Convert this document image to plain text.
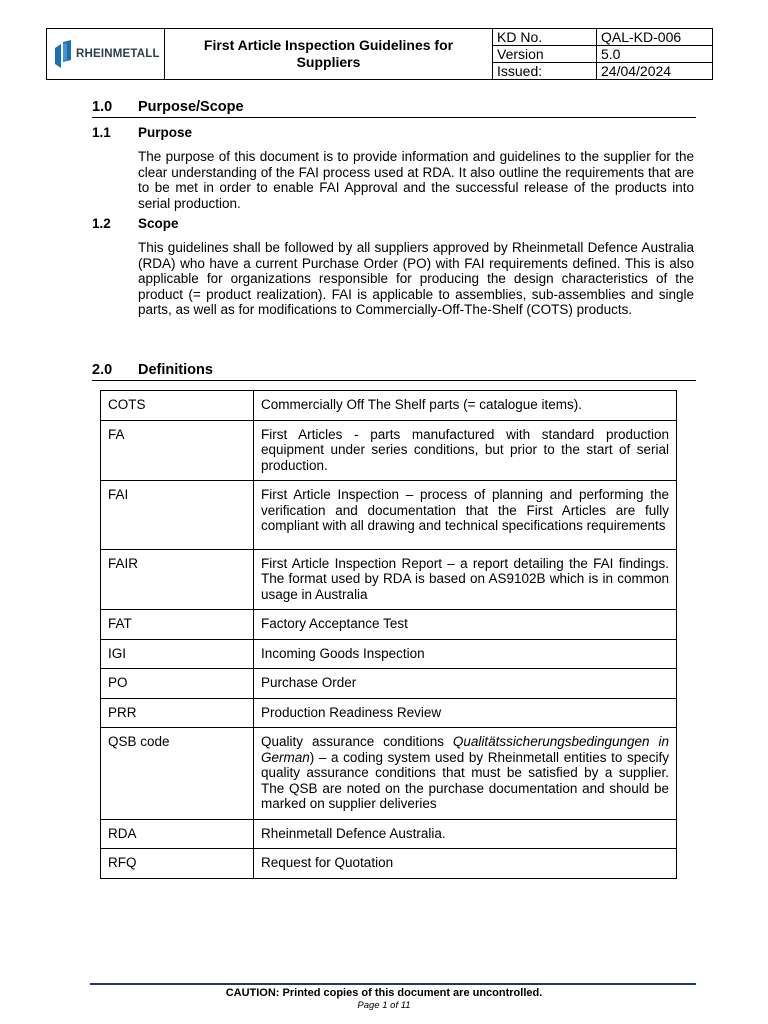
RHEINMETALL
First Article Inspection Guidelines for Suppliers
KD No.	QAL-KD-006
Version	5.0
Issued:	24/04/2024
1.0 Purpose/Scope
1.1 Purpose

The purpose of this document is to provide information and guidelines to the supplier for the clear understanding of the FAI process used at RDA. It also outline the requirements that are to be met in order to enable FAI Approval and the successful release of the products into serial production.

1.2 Scope

This guidelines shall be followed by all suppliers approved by Rheinmetall Defence Australia (RDA) who have a current Purchase Order (PO) with FAI requirements defined. This is also applicable for organizations responsible for producing the design characteristics of the product (= product realization). FAI is applicable to assemblies, sub-assemblies and single parts, as well as for modifications to Commercially-Off-The-Shelf (COTS) products.

2.0 Definitions
COTS	Commercially Off The Shelf parts (= catalogue items).
FA	First Articles - parts manufactured with standard production equipment under series conditions, but prior to the start of serial production.
FAI	First Article Inspection – process of planning and performing the verification and documentation that the First Articles are fully compliant with all drawing and technical specifications requirements
FAIR	First Article Inspection Report – a report detailing the FAI findings. The format used by RDA is based on AS9102B which is in common usage in Australia
FAT	Factory Acceptance Test
IGI	Incoming Goods Inspection
PO	Purchase Order
PRR	Production Readiness Review
QSB code	Quality assurance conditions Qualitätssicherungsbedingungen in German) – a coding system used by Rheinmetall entities to specify quality assurance conditions that must be satisfied by a supplier. The QSB are noted on the purchase documentation and should be marked on supplier deliveries
RDA	Rheinmetall Defence Australia.
RFQ	Request for Quotation
CAUTION: Printed copies of this document are uncontrolled.
Page 1 of 11
